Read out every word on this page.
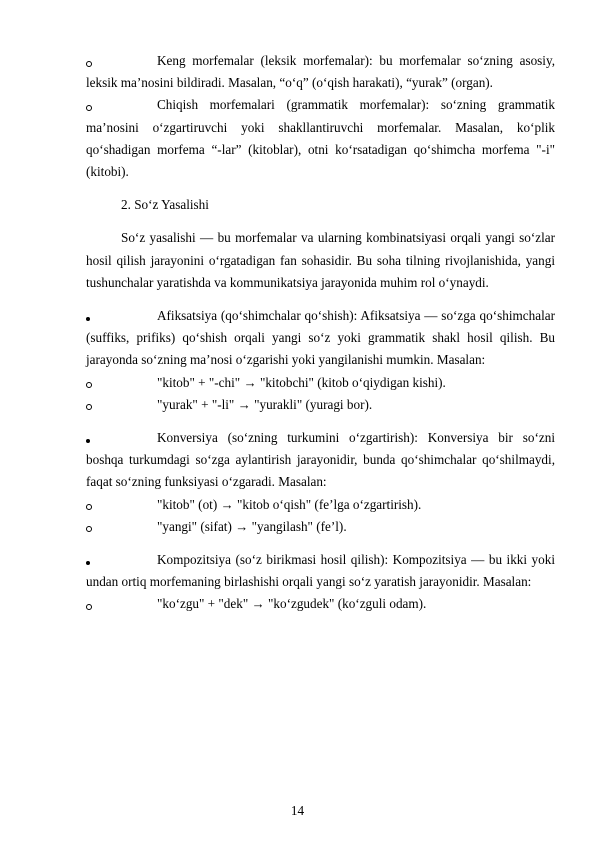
Keng morfemalar (leksik morfemalar): bu morfemalar so‘zning asosiy, leksik ma’nosini bildiradi. Masalan, “o‘q” (o‘qish harakati), “yurak” (organ).

Chiqish morfemalari (grammatik morfemalar): so‘zning grammatik ma’nosini o‘zgartiruvchi yoki shakllantiruvchi morfemalar. Masalan, ko‘plik qo‘shadigan morfema “-lar” (kitoblar), otni ko‘rsatadigan qo‘shimcha morfema "-i" (kitobi).

2. So‘z Yasalishi

So‘z yasalishi — bu morfemalar va ularning kombinatsiyasi orqali yangi so‘zlar hosil qilish jarayonini o‘rgatadigan fan sohasidir. Bu soha tilning rivojlanishida, yangi tushunchalar yaratishda va kommunikatsiya jarayonida muhim rol o‘ynaydi.

Afiksatsiya (qo‘shimchalar qo‘shish): Afiksatsiya — so‘zga qo‘shimchalar (suffiks, prifiks) qo‘shish orqali yangi so‘z yoki grammatik shakl hosil qilish. Bu jarayonda so‘zning ma’nosi o‘zgarishi yoki yangilanishi mumkin. Masalan:

"kitob" + "-chi" → "kitobchi" (kitob o‘qiydigan kishi).

"yurak" + "-li" → "yurakli" (yuragi bor).

Konversiya (so‘zning turkumini o‘zgartirish): Konversiya bir so‘zni boshqa turkumdagi so‘zga aylantirish jarayonidir, bunda qo‘shimchalar qo‘shilmaydi, faqat so‘zning funksiyasi o‘zgaradi. Masalan:

"kitob" (ot) → "kitob o‘qish" (fe’lga o‘zgartirish).

"yangi" (sifat) → "yangilash" (fe’l).

Kompozitsiya (so‘z birikmasi hosil qilish): Kompozitsiya — bu ikki yoki undan ortiq morfemaning birlashishi orqali yangi so‘z yaratish jarayonidir. Masalan:

"ko‘zgu" + "dek" → "ko‘zgudek" (ko‘zguli odam).

14
